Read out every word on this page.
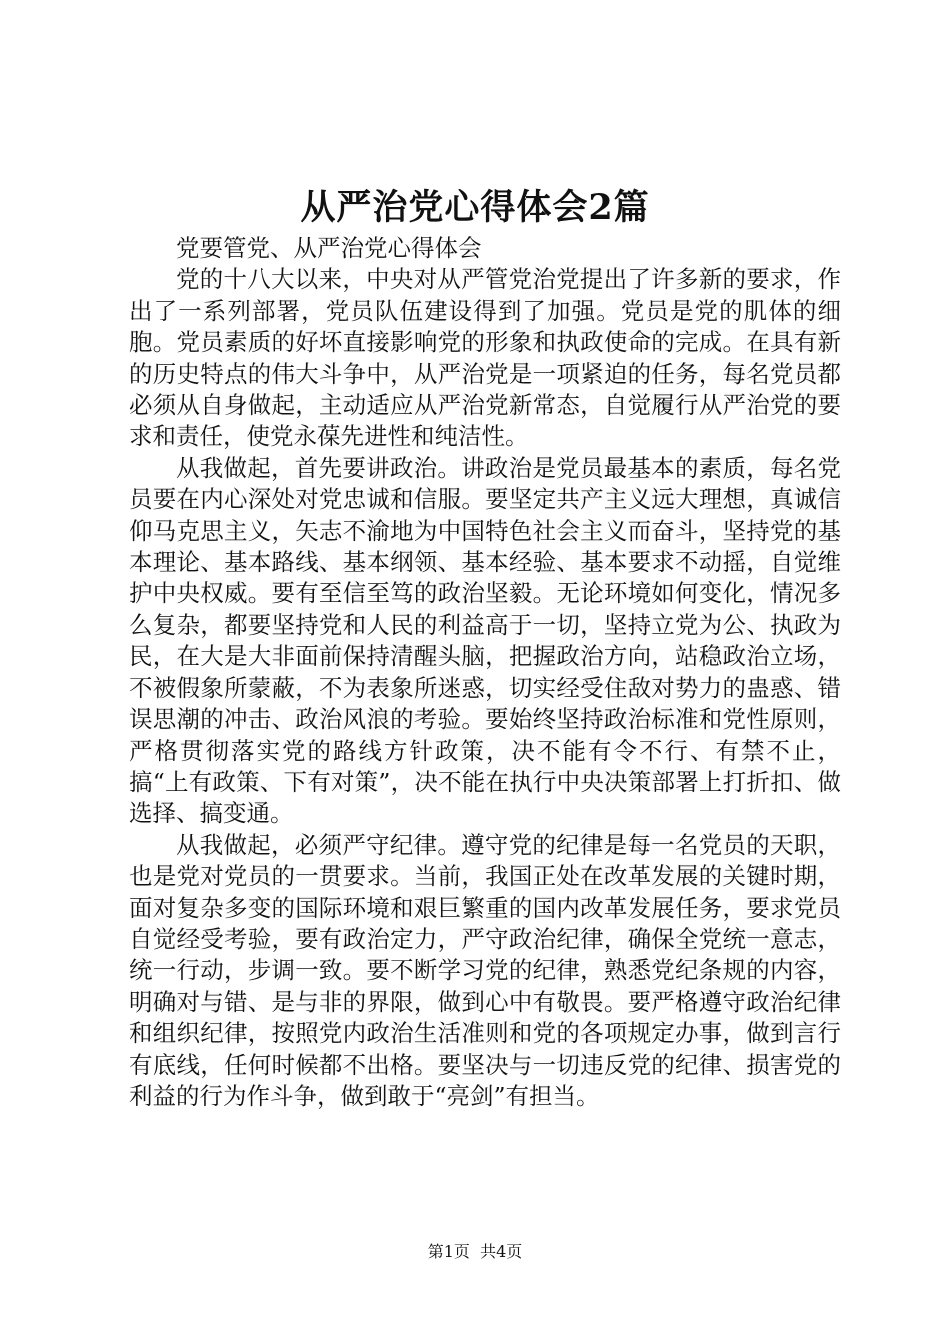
从严治党心得体会2篇

党要管党、从严治党心得体会

党的十八大以来，中央对从严管党治党提出了许多新的要求，作出了一系列部署，党员队伍建设得到了加强。党员是党的肌体的细胞。党员素质的好坏直接影响党的形象和执政使命的完成。在具有新的历史特点的伟大斗争中，从严治党是一项紧迫的任务，每名党员都必须从自身做起，主动适应从严治党新常态，自觉履行从严治党的要求和责任，使党永葆先进性和纯洁性。

从我做起，首先要讲政治。讲政治是党员最基本的素质，每名党员要在内心深处对党忠诚和信服。要坚定共产主义远大理想，真诚信仰马克思主义，矢志不渝地为中国特色社会主义而奋斗，坚持党的基本理论、基本路线、基本纲领、基本经验、基本要求不动摇，自觉维护中央权威。要有至信至笃的政治坚毅。无论环境如何变化，情况多么复杂，都要坚持党和人民的利益高于一切，坚持立党为公、执政为民，在大是大非面前保持清醒头脑，把握政治方向，站稳政治立场，不被假象所蒙蔽，不为表象所迷惑，切实经受住敌对势力的蛊惑、错误思潮的冲击、政治风浪的考验。要始终坚持政治标准和党性原则，严格贯彻落实党的路线方针政策，决不能有令不行、有禁不止，搞“上有政策、下有对策”，决不能在执行中央决策部署上打折扣、做选择、搞变通。

从我做起，必须严守纪律。遵守党的纪律是每一名党员的天职，也是党对党员的一贯要求。当前，我国正处在改革发展的关键时期，面对复杂多变的国际环境和艰巨繁重的国内改革发展任务，要求党员自觉经受考验，要有政治定力，严守政治纪律，确保全党统一意志，统一行动，步调一致。要不断学习党的纪律，熟悉党纪条规的内容，明确对与错、是与非的界限，做到心中有敬畏。要严格遵守政治纪律和组织纪律，按照党内政治生活准则和党的各项规定办事，做到言行有底线，任何时候都不出格。要坚决与一切违反党的纪律、损害党的利益的行为作斗争，做到敢于“亮剑”有担当。

第1页  共4页
